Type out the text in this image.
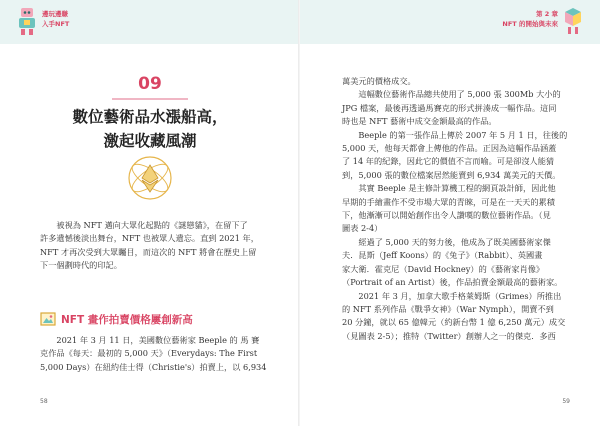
邊玩邊賺
入手NFT
09
數位藝術品水漲船高，
激起收藏風潮

　　被視為 NFT 邁向大眾化起點的《謎戀貓》，在留下了

許多遺憾後淡出舞台，NFT 也被眾人遺忘。直到 2021 年，

NFT 才再次受到大眾矚目，而這次的 NFT 將會在歷史上留

下一個劃時代的印記。

NFT 畫作拍賣價格屢創新高

　　2021 年 3 月 11 日，美國數位藝術家 Beeple 的 馬 賽

克作品《每天：最初的 5,000 天》（Everydays: The First

5,000 Days）在紐約佳士得（Christie's）拍賣上，以 6,934

58
第 2 章
NFT 的開始與未來

萬美元的價格成交。

　　這幅數位藝術作品總共使用了 5,000 張 300Mb 大小的

JPG 檔案，最後再透過馬賽克的形式拼湊成一幅作品。這同

時也是 NFT 藝術中成交金額最高的作品。

　　Beeple 的第一張作品上傳於 2007 年 5 月 1 日，往後的

5,000 天，他每天都會上傳他的作品。正因為這幅作品涵蓋

了 14 年的紀錄，因此它的價值不言而喻。可是卻沒人能猜

到，5,000 張的數位檔案居然能賣到 6,934 萬美元的天價。

　　其實 Beeple 是主修計算機工程的網頁設計師，因此他

早期的手繪畫作不受市場大眾的青睞，可是在一天天的累積

下，他漸漸可以開始創作出令人讚嘆的數位藝術作品。（見

圖表 2-4）

　　經過了 5,000 天的努力後，他成為了既美國藝術家傑

夫．昆斯（Jeff Koons）的《兔子》（Rabbit）、英國畫

家大衛．霍克尼（David Hockney）的《藝術家肖像》

（Portrait of an Artist）後，作品拍賣金額最高的藝術家。

　　2021 年 3 月，加拿大歌手格萊姆斯（Grimes）所推出

的 NFT 系列作品《戰爭女神》（War Nymph），開賣不到

20 分鐘，就以 65 億韓元（約新台幣 1 億 6,250 萬元）成交

（見圖表 2-5）；推特（Twitter）創辦人之一的傑克．多西

59
